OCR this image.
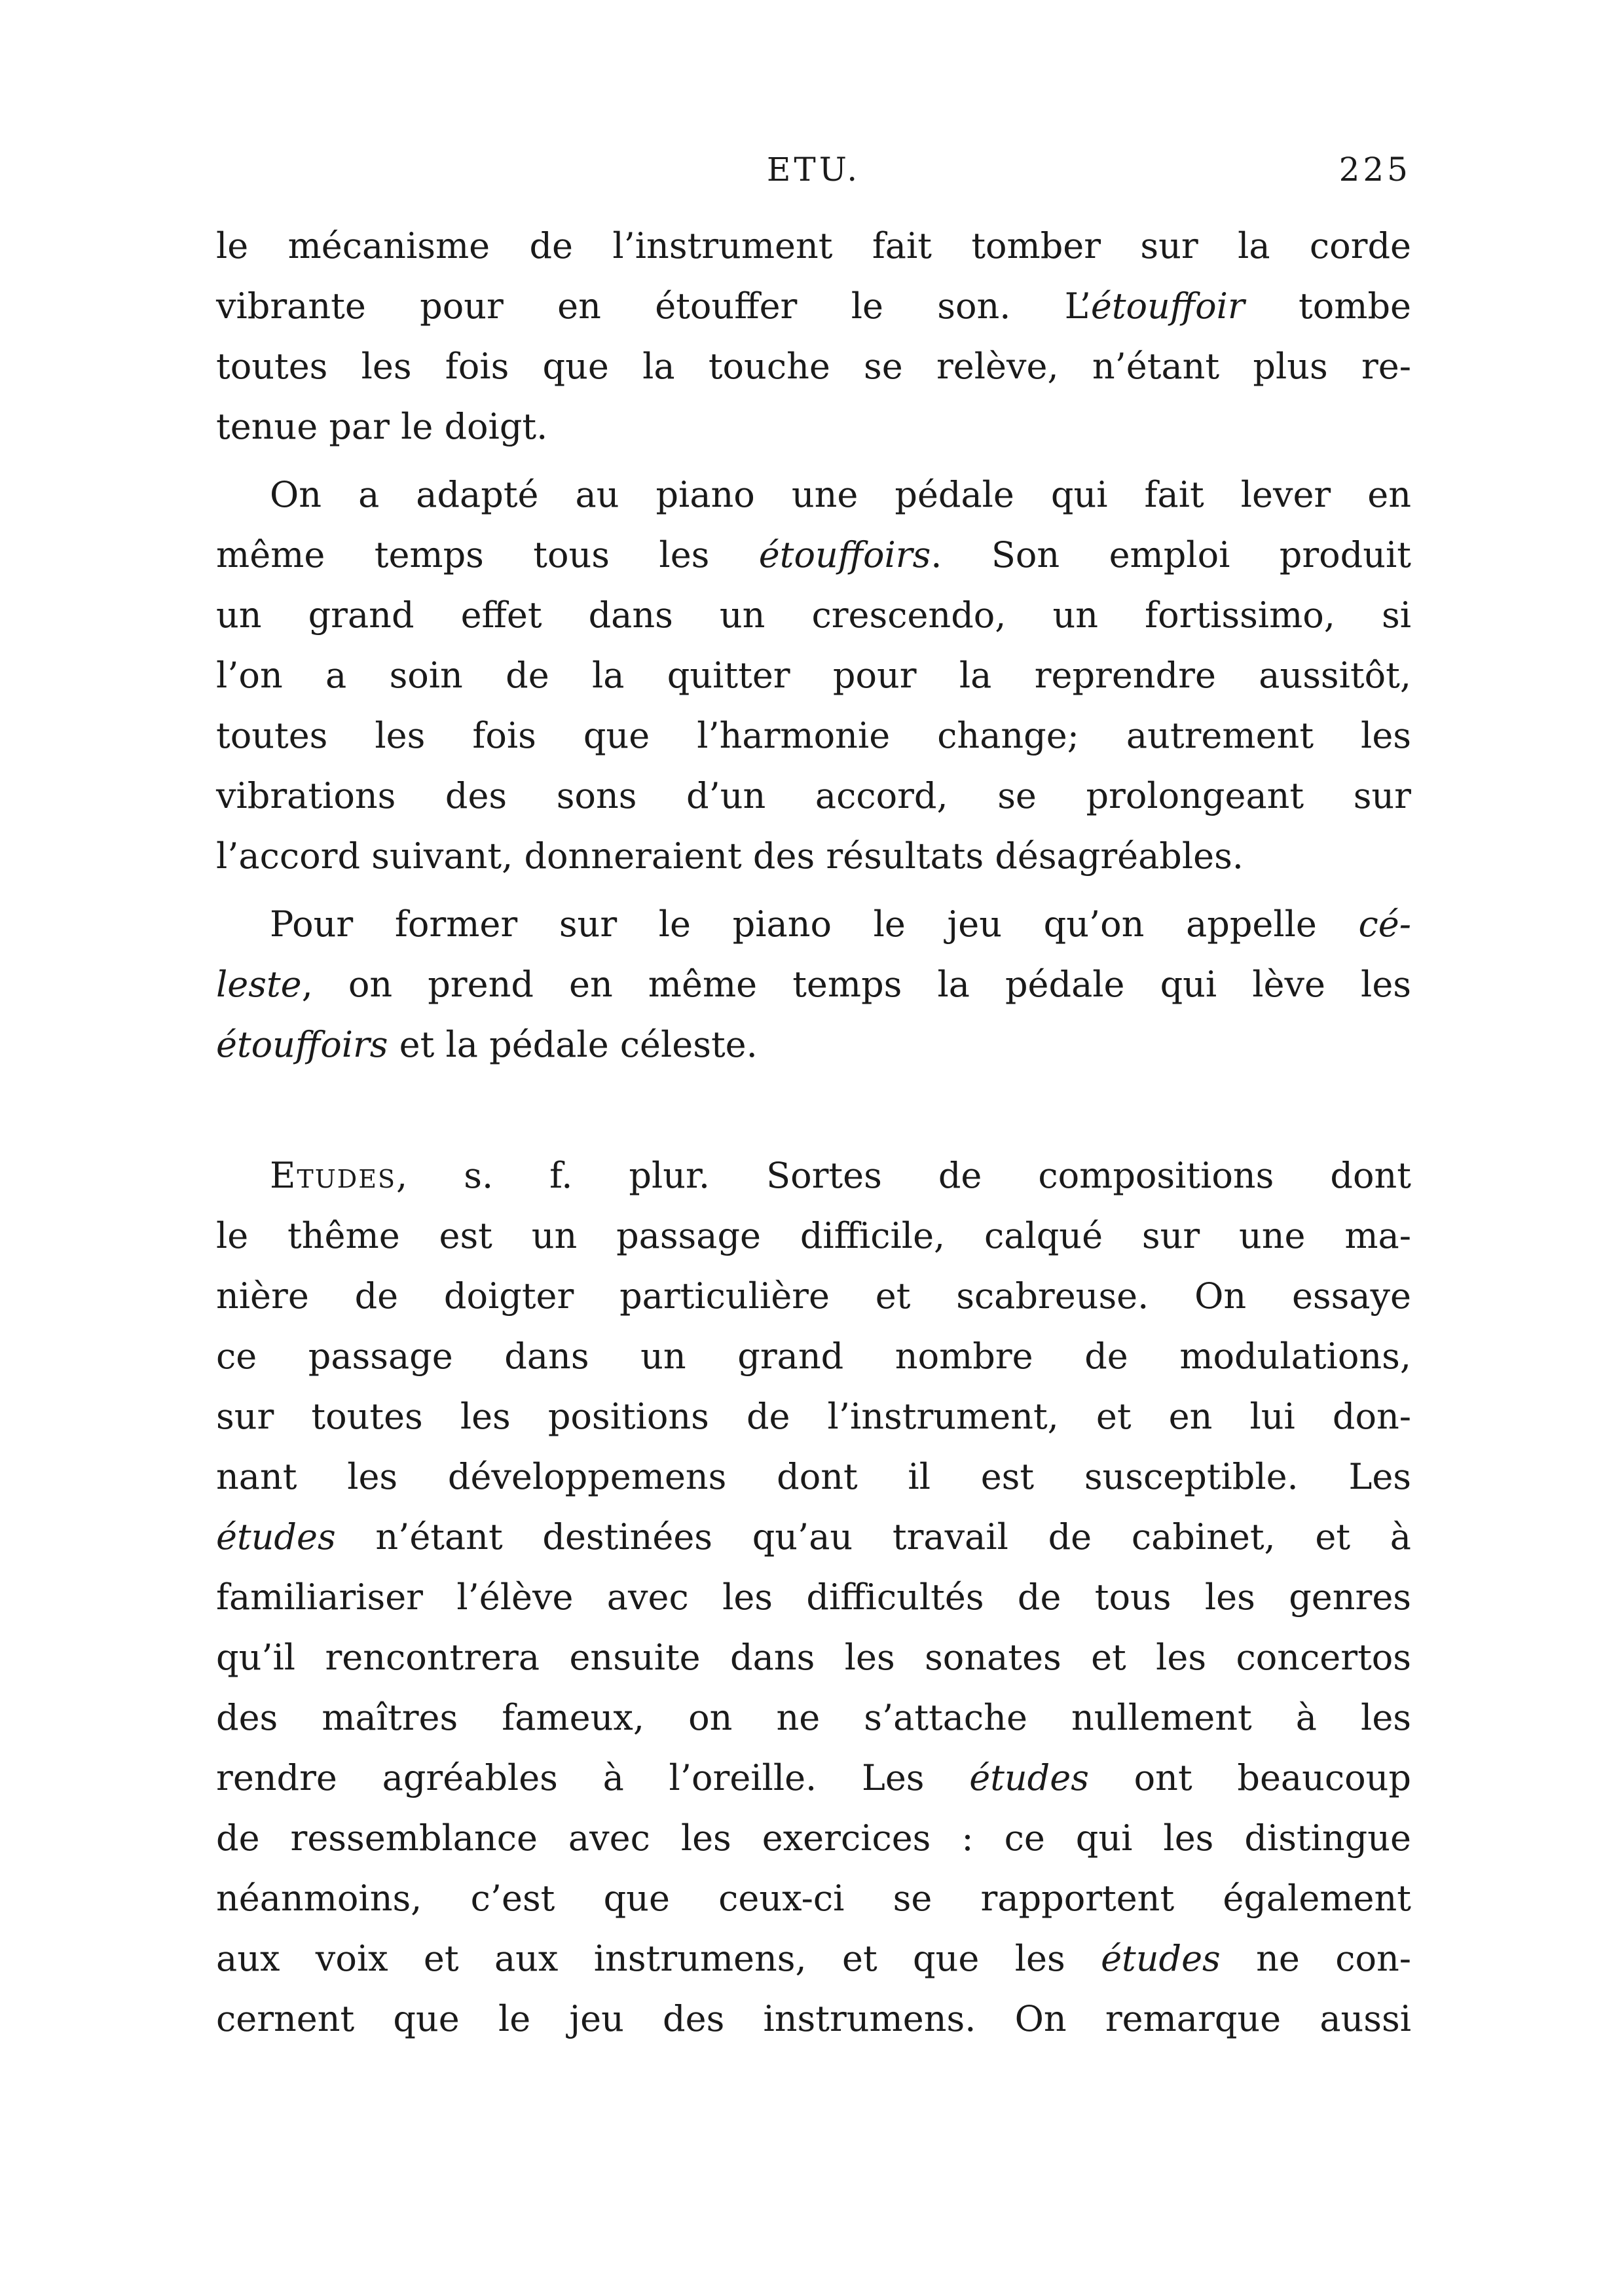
ETU.	225
le mécanisme de l’instrument fait tomber sur la corde
vibrante pour en étouffer le son. L’étouffoir tombe
toutes les fois que la touche se relève, n’étant plus re-
tenue par le doigt.
On a adapté au piano une pédale qui fait lever en
même temps tous les étouffoirs. Son emploi produit
un grand effet dans un crescendo, un fortissimo, si
l’on a soin de la quitter pour la reprendre aussitôt,
toutes les fois que l’harmonie change; autrement les
vibrations des sons d’un accord, se prolongeant sur
l’accord suivant, donneraient des résultats désagréables.
Pour former sur le piano le jeu qu’on appelle cé-
leste, on prend en même temps la pédale qui lève les
étouffoirs et la pédale céleste.
Etudes, s. f. plur. Sortes de compositions dont
le thême est un passage difficile, calqué sur une ma-
nière de doigter particulière et scabreuse. On essaye
ce passage dans un grand nombre de modulations,
sur toutes les positions de l’instrument, et en lui don-
nant les développemens dont il est susceptible. Les
études n’étant destinées qu’au travail de cabinet, et à
familiariser l’élève avec les difficultés de tous les genres
qu’il rencontrera ensuite dans les sonates et les concertos
des maîtres fameux, on ne s’attache nullement à les
rendre agréables à l’oreille. Les études ont beaucoup
de ressemblance avec les exercices : ce qui les distingue
néanmoins, c’est que ceux-ci se rapportent également
aux voix et aux instrumens, et que les études ne con-
cernent que le jeu des instrumens. On remarque aussi
